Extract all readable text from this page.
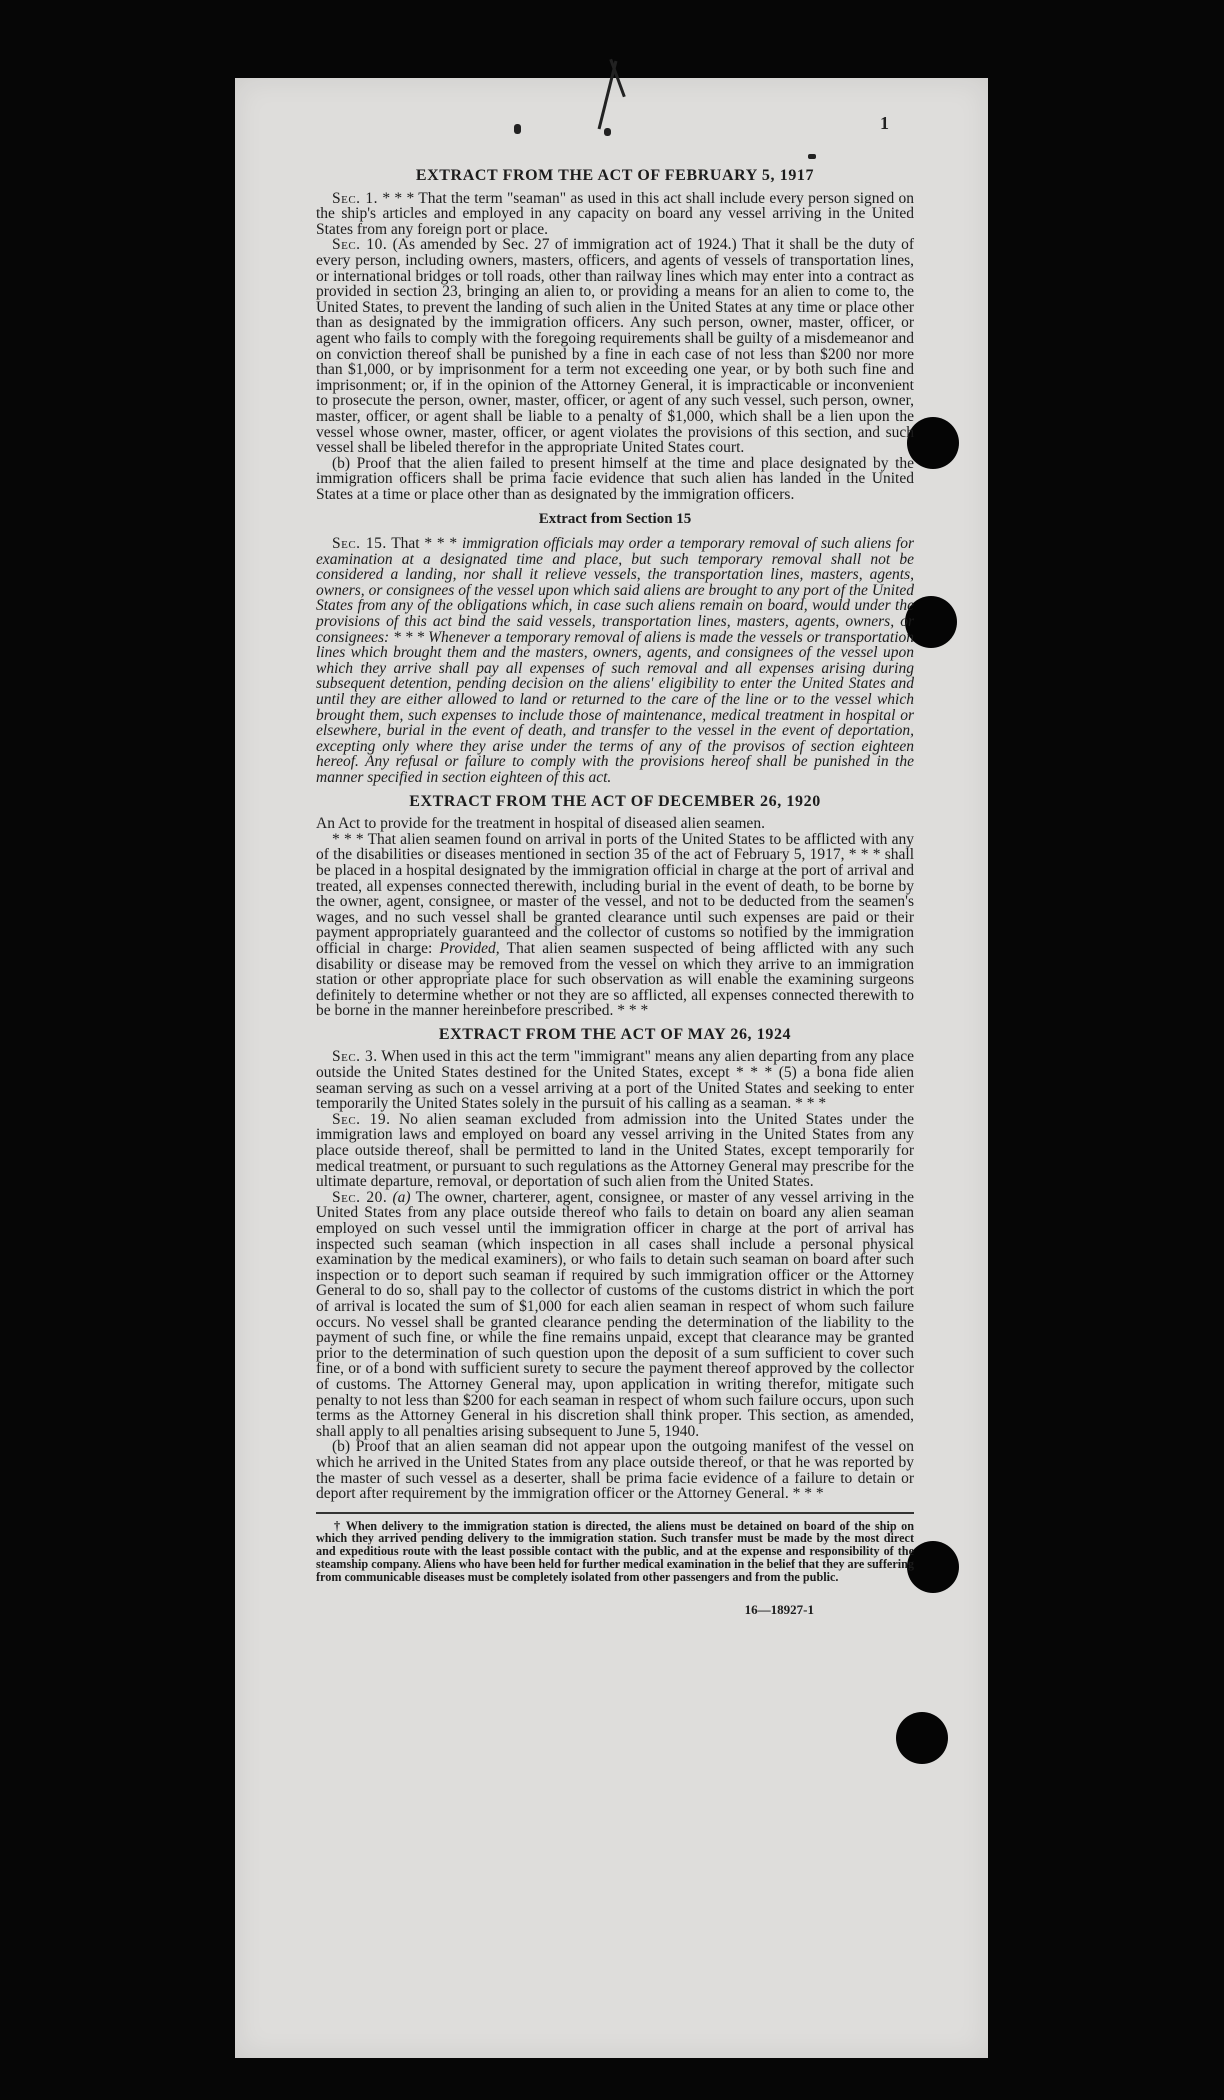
1
EXTRACT FROM THE ACT OF FEBRUARY 5, 1917

Sec. 1. * * * That the term "seaman" as used in this act shall include every person signed on the ship's articles and employed in any capacity on board any vessel arriving in the United States from any foreign port or place.

Sec. 10. (As amended by Sec. 27 of immigration act of 1924.) That it shall be the duty of every person, including owners, masters, officers, and agents of vessels of transportation lines, or international bridges or toll roads, other than railway lines which may enter into a contract as provided in section 23, bringing an alien to, or providing a means for an alien to come to, the United States, to prevent the landing of such alien in the United States at any time or place other than as designated by the immigration officers. Any such person, owner, master, officer, or agent who fails to comply with the foregoing requirements shall be guilty of a misdemeanor and on conviction thereof shall be punished by a fine in each case of not less than $200 nor more than $1,000, or by imprisonment for a term not exceeding one year, or by both such fine and imprisonment; or, if in the opinion of the Attorney General, it is impracticable or inconvenient to prosecute the person, owner, master, officer, or agent of any such vessel, such person, owner, master, officer, or agent shall be liable to a penalty of $1,000, which shall be a lien upon the vessel whose owner, master, officer, or agent violates the provisions of this section, and such vessel shall be libeled therefor in the appropriate United States court.

(b) Proof that the alien failed to present himself at the time and place designated by the immigration officers shall be prima facie evidence that such alien has landed in the United States at a time or place other than as designated by the immigration officers.

Extract from Section 15

Sec. 15. That * * * immigration officials may order a temporary removal of such aliens for examination at a designated time and place, but such temporary removal shall not be considered a landing, nor shall it relieve vessels, the transportation lines, masters, agents, owners, or consignees of the vessel upon which said aliens are brought to any port of the United States from any of the obligations which, in case such aliens remain on board, would under the provisions of this act bind the said vessels, transportation lines, masters, agents, owners, or consignees: * * * Whenever a temporary removal of aliens is made the vessels or transportation lines which brought them and the masters, owners, agents, and consignees of the vessel upon which they arrive shall pay all expenses of such removal and all expenses arising during subsequent detention, pending decision on the aliens' eligibility to enter the United States and until they are either allowed to land or returned to the care of the line or to the vessel which brought them, such expenses to include those of maintenance, medical treatment in hospital or elsewhere, burial in the event of death, and transfer to the vessel in the event of deportation, excepting only where they arise under the terms of any of the provisos of section eighteen hereof. Any refusal or failure to comply with the provisions hereof shall be punished in the manner specified in section eighteen of this act.

EXTRACT FROM THE ACT OF DECEMBER 26, 1920

An Act to provide for the treatment in hospital of diseased alien seamen.

* * * That alien seamen found on arrival in ports of the United States to be afflicted with any of the disabilities or diseases mentioned in section 35 of the act of February 5, 1917, * * * shall be placed in a hospital designated by the immigration official in charge at the port of arrival and treated, all expenses connected therewith, including burial in the event of death, to be borne by the owner, agent, consignee, or master of the vessel, and not to be deducted from the seamen's wages, and no such vessel shall be granted clearance until such expenses are paid or their payment appropriately guaranteed and the collector of customs so notified by the immigration official in charge: Provided, That alien seamen suspected of being afflicted with any such disability or disease may be removed from the vessel on which they arrive to an immigration station or other appropriate place for such observation as will enable the examining surgeons definitely to determine whether or not they are so afflicted, all expenses connected therewith to be borne in the manner hereinbefore prescribed. * * *

EXTRACT FROM THE ACT OF MAY 26, 1924

Sec. 3. When used in this act the term "immigrant" means any alien departing from any place outside the United States destined for the United States, except * * * (5) a bona fide alien seaman serving as such on a vessel arriving at a port of the United States and seeking to enter temporarily the United States solely in the pursuit of his calling as a seaman. * * *

Sec. 19. No alien seaman excluded from admission into the United States under the immigration laws and employed on board any vessel arriving in the United States from any place outside thereof, shall be permitted to land in the United States, except temporarily for medical treatment, or pursuant to such regulations as the Attorney General may prescribe for the ultimate departure, removal, or deportation of such alien from the United States.

Sec. 20. (a) The owner, charterer, agent, consignee, or master of any vessel arriving in the United States from any place outside thereof who fails to detain on board any alien seaman employed on such vessel until the immigration officer in charge at the port of arrival has inspected such seaman (which inspection in all cases shall include a personal physical examination by the medical examiners), or who fails to detain such seaman on board after such inspection or to deport such seaman if required by such immigration officer or the Attorney General to do so, shall pay to the collector of customs of the customs district in which the port of arrival is located the sum of $1,000 for each alien seaman in respect of whom such failure occurs. No vessel shall be granted clearance pending the determination of the liability to the payment of such fine, or while the fine remains unpaid, except that clearance may be granted prior to the determination of such question upon the deposit of a sum sufficient to cover such fine, or of a bond with sufficient surety to secure the payment thereof approved by the collector of customs. The Attorney General may, upon application in writing therefor, mitigate such penalty to not less than $200 for each seaman in respect of whom such failure occurs, upon such terms as the Attorney General in his discretion shall think proper. This section, as amended, shall apply to all penalties arising subsequent to June 5, 1940.

(b) Proof that an alien seaman did not appear upon the outgoing manifest of the vessel on which he arrived in the United States from any place outside thereof, or that he was reported by the master of such vessel as a deserter, shall be prima facie evidence of a failure to detain or deport after requirement by the immigration officer or the Attorney General. * * *

† When delivery to the immigration station is directed, the aliens must be detained on board of the ship on which they arrived pending delivery to the immigration station. Such transfer must be made by the most direct and expeditious route with the least possible contact with the public, and at the expense and responsibility of the steamship company. Aliens who have been held for further medical examination in the belief that they are suffering from communicable diseases must be completely isolated from other passengers and from the public.

16—18927-1
